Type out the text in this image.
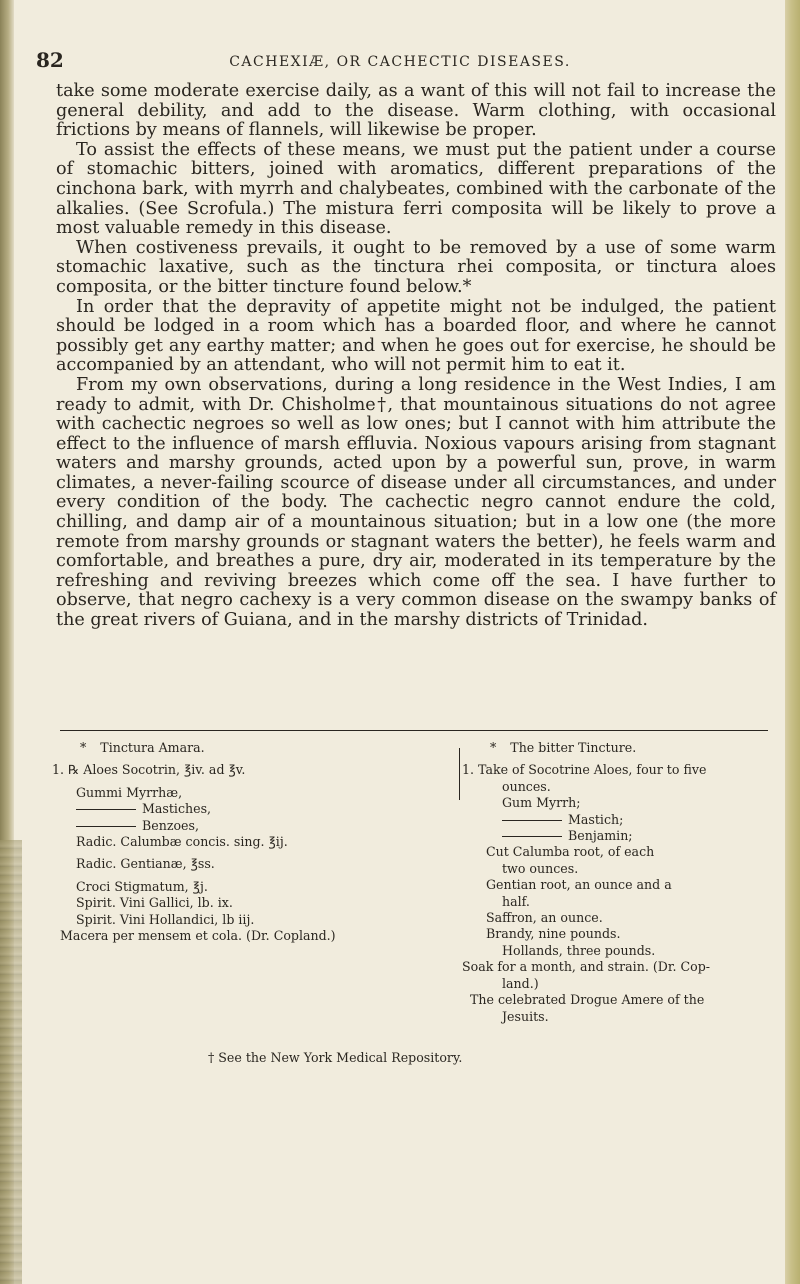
82	CACHEXIÆ, OR CACHECTIC DISEASES.

take some moderate exercise daily, as a want of this will not fail to increase the general debility, and add to the disease. Warm clothing, with occasional frictions by means of flannels, will likewise be proper.

To assist the effects of these means, we must put the patient under a course of stomachic bitters, joined with aromatics, different preparations of the cinchona bark, with myrrh and chalybeates, combined with the carbonate of the alkalies. (See Scrofula.) The mistura ferri composita will be likely to prove a most valuable remedy in this disease.

When costiveness prevails, it ought to be removed by a use of some warm stomachic laxative, such as the tinctura rhei composita, or tinctura aloes composita, or the bitter tincture found below.*

In order that the depravity of appetite might not be indulged, the patient should be lodged in a room which has a boarded floor, and where he cannot possibly get any earthy matter; and when he goes out for exercise, he should be accompanied by an attendant, who will not permit him to eat it.

From my own observations, during a long residence in the West Indies, I am ready to admit, with Dr. Chisholme†, that mountainous situations do not agree with cachectic negroes so well as low ones; but I cannot with him attribute the effect to the influence of marsh effluvia. Noxious vapours arising from stagnant waters and marshy grounds, acted upon by a powerful sun, prove, in warm climates, a never-failing scource of disease under all circumstances, and under every condition of the body. The cachectic negro cannot endure the cold, chilling, and damp air of a mountainous situation; but in a low one (the more remote from marshy grounds or stagnant waters the better), he feels warm and comfortable, and breathes a pure, dry air, moderated in its temperature by the refreshing and reviving breezes which come off the sea. I have further to observe, that negro cachexy is a very common disease on the swampy banks of the great rivers of Guiana, and in the marshy districts of Trinidad.

* Tinctura Amara.
1. ℞ Aloes Socotrin, ℥iv. ad ℥v.
Gummi Myrrhæ,
Mastiches,
Benzoes,
Radic. Calumbæ concis. sing. ℥ij.
Radic. Gentianæ, ℥ss.
Croci Stigmatum, ℥j.
Spirit. Vini Gallici, lb. ix.
Spirit. Vini Hollandici, lb iij.
Macera per mensem et cola. (Dr. Copland.)
* The bitter Tincture.
1. Take of Socotrine Aloes, four to five
ounces.
Gum Myrrh;
Mastich;
Benjamin;
Cut Calumba root, of each
two ounces.
Gentian root, an ounce and a
half.
Saffron, an ounce.
Brandy, nine pounds.
Hollands, three pounds.
Soak for a month, and strain. (Dr. Cop-
land.)
The celebrated Drogue Amere of the
Jesuits.
† See the New York Medical Repository.
